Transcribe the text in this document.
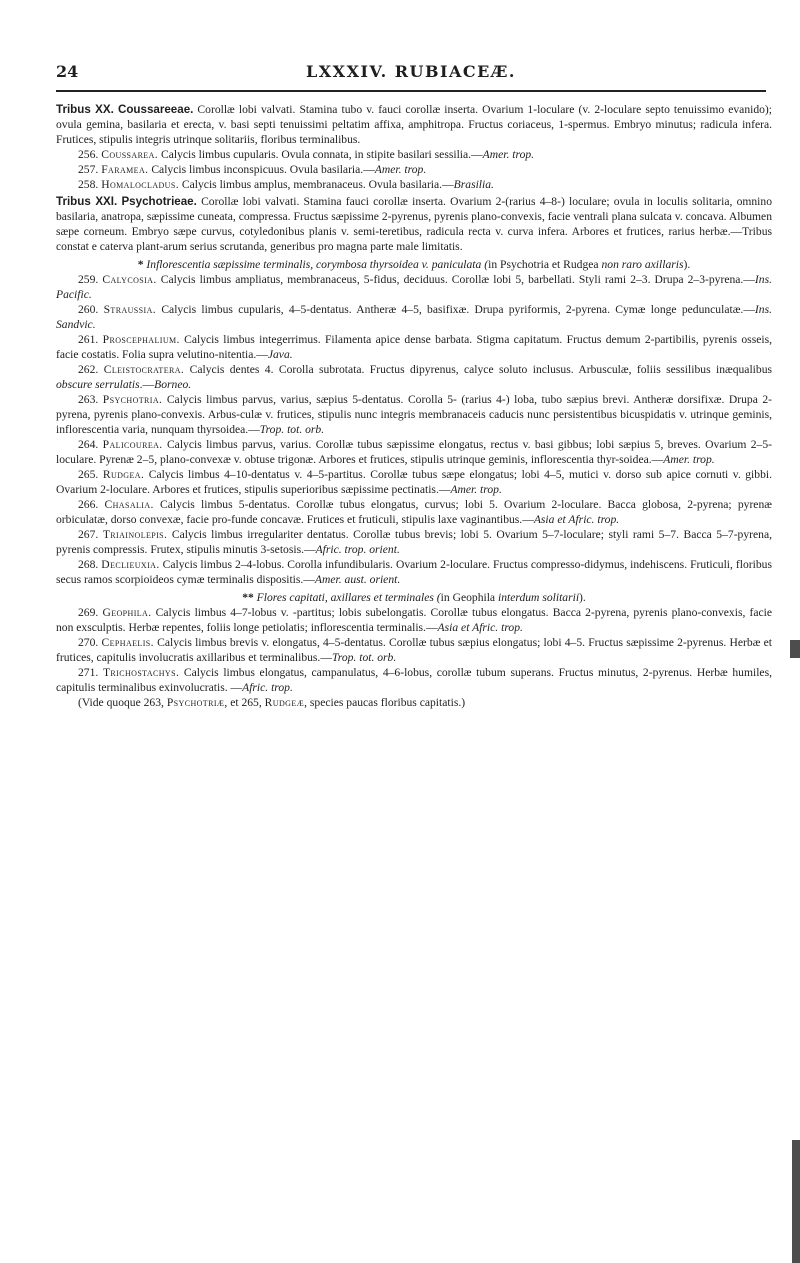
24	LXXXIV. RUBIACEÆ.

Tribus XX. Coussareeae. Corollæ lobi valvati. Stamina tubo v. fauci corollæ inserta. Ovarium 1-loculare (v. 2-loculare septo tenuissimo evanido); ovula gemina, basilaria et erecta, v. basi septi tenuissimi peltatim affixa, amphitropa. Fructus coriaceus, 1-spermus. Embryo minutus; radicula infera. Frutices, stipulis integris utrinque solitariis, floribus terminalibus.

256. Coussarea. Calycis limbus cupularis. Ovula connata, in stipite basilari sessilia.—Amer. trop.

257. Faramea. Calycis limbus inconspicuus. Ovula basilaria.—Amer. trop.

258. Homalocladus. Calycis limbus amplus, membranaceus. Ovula basilaria.—Brasilia.

Tribus XXI. Psychotrieae. Corollæ lobi valvati. Stamina fauci corollæ inserta. Ovarium 2-(rarius 4–8-) loculare; ovula in loculis solitaria, omnino basilaria, anatropa, sæpissime cuneata, compressa. Fructus sæpissime 2-pyrenus, pyrenis plano-convexis, facie ventrali plana sulcata v. concava. Albumen sæpe corneum. Embryo sæpe curvus, cotyledonibus planis v. semi-teretibus, radicula recta v. curva infera. Arbores et frutices, rarius herbæ.—Tribus constat e caterva plant-arum serius scrutanda, generibus pro magna parte male limitatis.

* Inflorescentia sæpissime terminalis, corymbosa thyrsoidea v. paniculata (in Psychotria et Rudgea non raro axillaris).

259. Calycosia. Calycis limbus ampliatus, membranaceus, 5-fidus, deciduus. Corollæ lobi 5, barbellati. Styli rami 2–3. Drupa 2–3-pyrena.—Ins. Pacific.

260. Straussia. Calycis limbus cupularis, 4–5-dentatus. Antheræ 4–5, basifixæ. Drupa pyriformis, 2-pyrena. Cymæ longe pedunculatæ.—Ins. Sandvic.

261. Proscephalium. Calycis limbus integerrimus. Filamenta apice dense barbata. Stigma capitatum. Fructus demum 2-partibilis, pyrenis osseis, facie costatis. Folia supra velutino-nitentia.—Java.

262. Cleistocratera. Calycis dentes 4. Corolla subrotata. Fructus dipyrenus, calyce soluto inclusus. Arbusculæ, foliis sessilibus inæqualibus obscure serrulatis.—Borneo.

263. Psychotria. Calycis limbus parvus, varius, sæpius 5-dentatus. Corolla 5- (rarius 4-) loba, tubo sæpius brevi. Antheræ dorsifixæ. Drupa 2-pyrena, pyrenis plano-convexis. Arbus-culæ v. frutices, stipulis nunc integris membranaceis caducis nunc persistentibus bicuspidatis v. utrinque geminis, inflorescentia varia, nunquam thyrsoidea.—Trop. tot. orb.

264. Palicourea. Calycis limbus parvus, varius. Corollæ tubus sæpissime elongatus, rectus v. basi gibbus; lobi sæpius 5, breves. Ovarium 2–5-loculare. Pyrenæ 2–5, plano-convexæ v. obtuse trigonæ. Arbores et frutices, stipulis utrinque geminis, inflorescentia thyr-soidea.—Amer. trop.

265. Rudgea. Calycis limbus 4–10-dentatus v. 4–5-partitus. Corollæ tubus sæpe elongatus; lobi 4–5, mutici v. dorso sub apice cornuti v. gibbi. Ovarium 2-loculare. Arbores et frutices, stipulis superioribus sæpissime pectinatis.—Amer. trop.

266. Chasalia. Calycis limbus 5-dentatus. Corollæ tubus elongatus, curvus; lobi 5. Ovarium 2-loculare. Bacca globosa, 2-pyrena; pyrenæ orbiculatæ, dorso convexæ, facie pro-funde concavæ. Frutices et fruticuli, stipulis laxe vaginantibus.—Asia et Afric. trop.

267. Triainolepis. Calycis limbus irregulariter dentatus. Corollæ tubus brevis; lobi 5. Ovarium 5–7-loculare; styli rami 5–7. Bacca 5–7-pyrena, pyrenis compressis. Frutex, stipulis minutis 3-setosis.—Afric. trop. orient.

268. Declieuxia. Calycis limbus 2–4-lobus. Corolla infundibularis. Ovarium 2-loculare. Fructus compresso-didymus, indehiscens. Fruticuli, floribus secus ramos scorpioideos cymæ terminalis dispositis.—Amer. aust. orient.

** Flores capitati, axillares et terminales (in Geophila interdum solitarii).

269. Geophila. Calycis limbus 4–7-lobus v. -partitus; lobis subelongatis. Corollæ tubus elongatus. Bacca 2-pyrena, pyrenis plano-convexis, facie non exsculptis. Herbæ repentes, foliis longe petiolatis; inflorescentia terminalis.—Asia et Afric. trop.

270. Cephaelis. Calycis limbus brevis v. elongatus, 4–5-dentatus. Corollæ tubus sæpius elongatus; lobi 4–5. Fructus sæpissime 2-pyrenus. Herbæ et frutices, capitulis involucratis axillaribus et terminalibus.—Trop. tot. orb.

271. Trichostachys. Calycis limbus elongatus, campanulatus, 4–6-lobus, corollæ tubum superans. Fructus minutus, 2-pyrenus. Herbæ humiles, capitulis terminalibus exinvolucratis. —Afric. trop.

(Vide quoque 263, Psychotriæ, et 265, Rudgeæ, species paucas floribus capitatis.)
